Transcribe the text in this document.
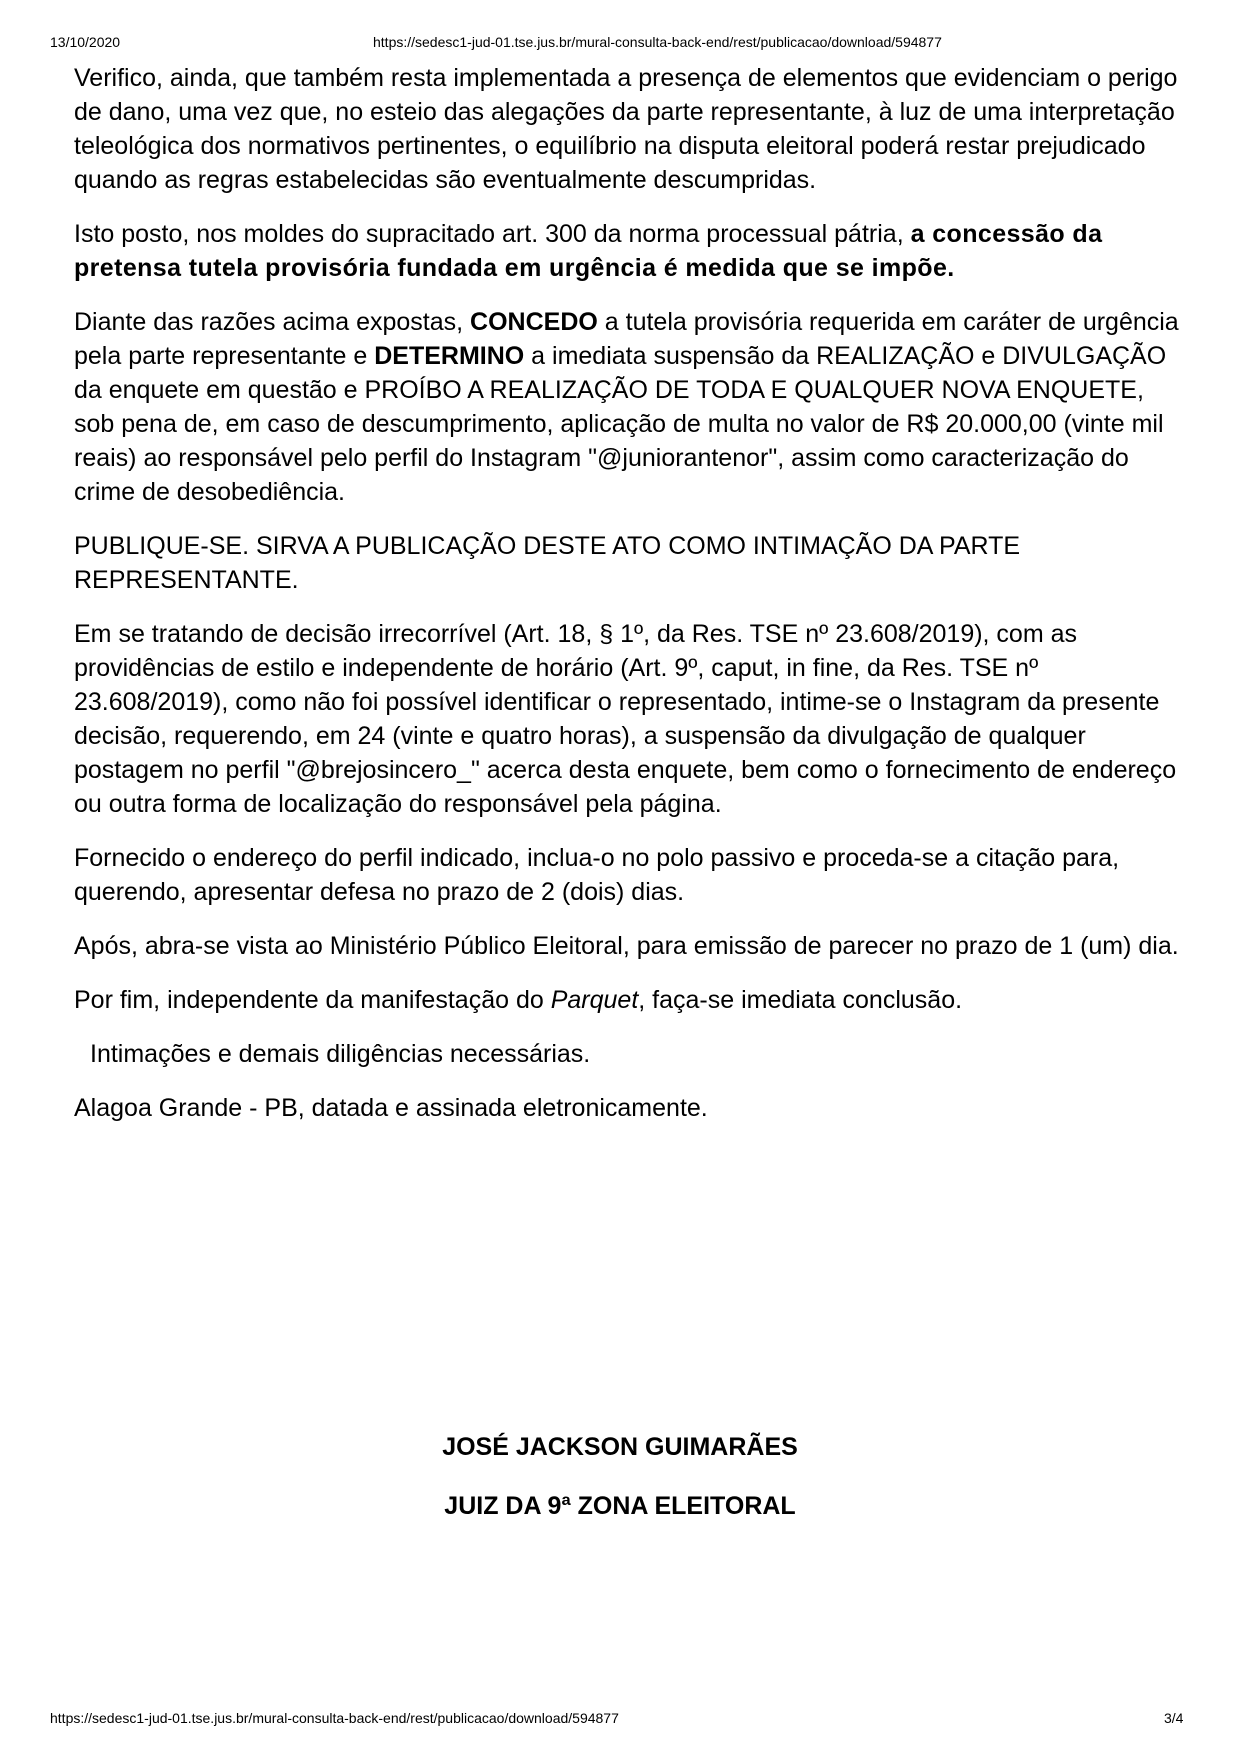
13/10/2020	https://sedesc1-jud-01.tse.jus.br/mural-consulta-back-end/rest/publicacao/download/594877

Verifico, ainda, que também resta implementada a presença de elementos que evidenciam o perigo de dano, uma vez que, no esteio das alegações da parte representante, à luz de uma interpretação teleológica dos normativos pertinentes, o equilíbrio na disputa eleitoral poderá restar prejudicado quando as regras estabelecidas são eventualmente descumpridas.

Isto posto, nos moldes do supracitado art. 300 da norma processual pátria, a concessão da pretensa tutela provisória fundada em urgência é medida que se impõe.

Diante das razões acima expostas, CONCEDO a tutela provisória requerida em caráter de urgência pela parte representante e DETERMINO a imediata suspensão da REALIZAÇÃO e DIVULGAÇÃO da enquete em questão e PROÍBO A REALIZAÇÃO DE TODA E QUALQUER NOVA ENQUETE, sob pena de, em caso de descumprimento, aplicação de multa no valor de R$ 20.000,00 (vinte mil reais) ao responsável pelo perfil do Instagram "@juniorantenor", assim como caracterização do crime de desobediência.

PUBLIQUE-SE. SIRVA A PUBLICAÇÃO DESTE ATO COMO INTIMAÇÃO DA PARTE REPRESENTANTE.

Em se tratando de decisão irrecorrível (Art. 18, § 1º, da Res. TSE nº 23.608/2019), com as providências de estilo e independente de horário (Art. 9º, caput, in fine, da Res. TSE nº 23.608/2019), como não foi possível identificar o representado, intime-se o Instagram da presente decisão, requerendo, em 24 (vinte e quatro horas), a suspensão da divulgação de qualquer postagem no perfil "@brejosincero_" acerca desta enquete, bem como o fornecimento de endereço ou outra forma de localização do responsável pela página.

Fornecido o endereço do perfil indicado, inclua-o no polo passivo e proceda-se a citação para, querendo, apresentar defesa no prazo de 2 (dois) dias.

Após, abra-se vista ao Ministério Público Eleitoral, para emissão de parecer no prazo de 1 (um) dia.

Por fim, independente da manifestação do Parquet, faça-se imediata conclusão.

Intimações e demais diligências necessárias.

Alagoa Grande - PB, datada e assinada eletronicamente.

JOSÉ JACKSON GUIMARÃES
JUIZ DA 9ª ZONA ELEITORAL
https://sedesc1-jud-01.tse.jus.br/mural-consulta-back-end/rest/publicacao/download/594877	3/4
